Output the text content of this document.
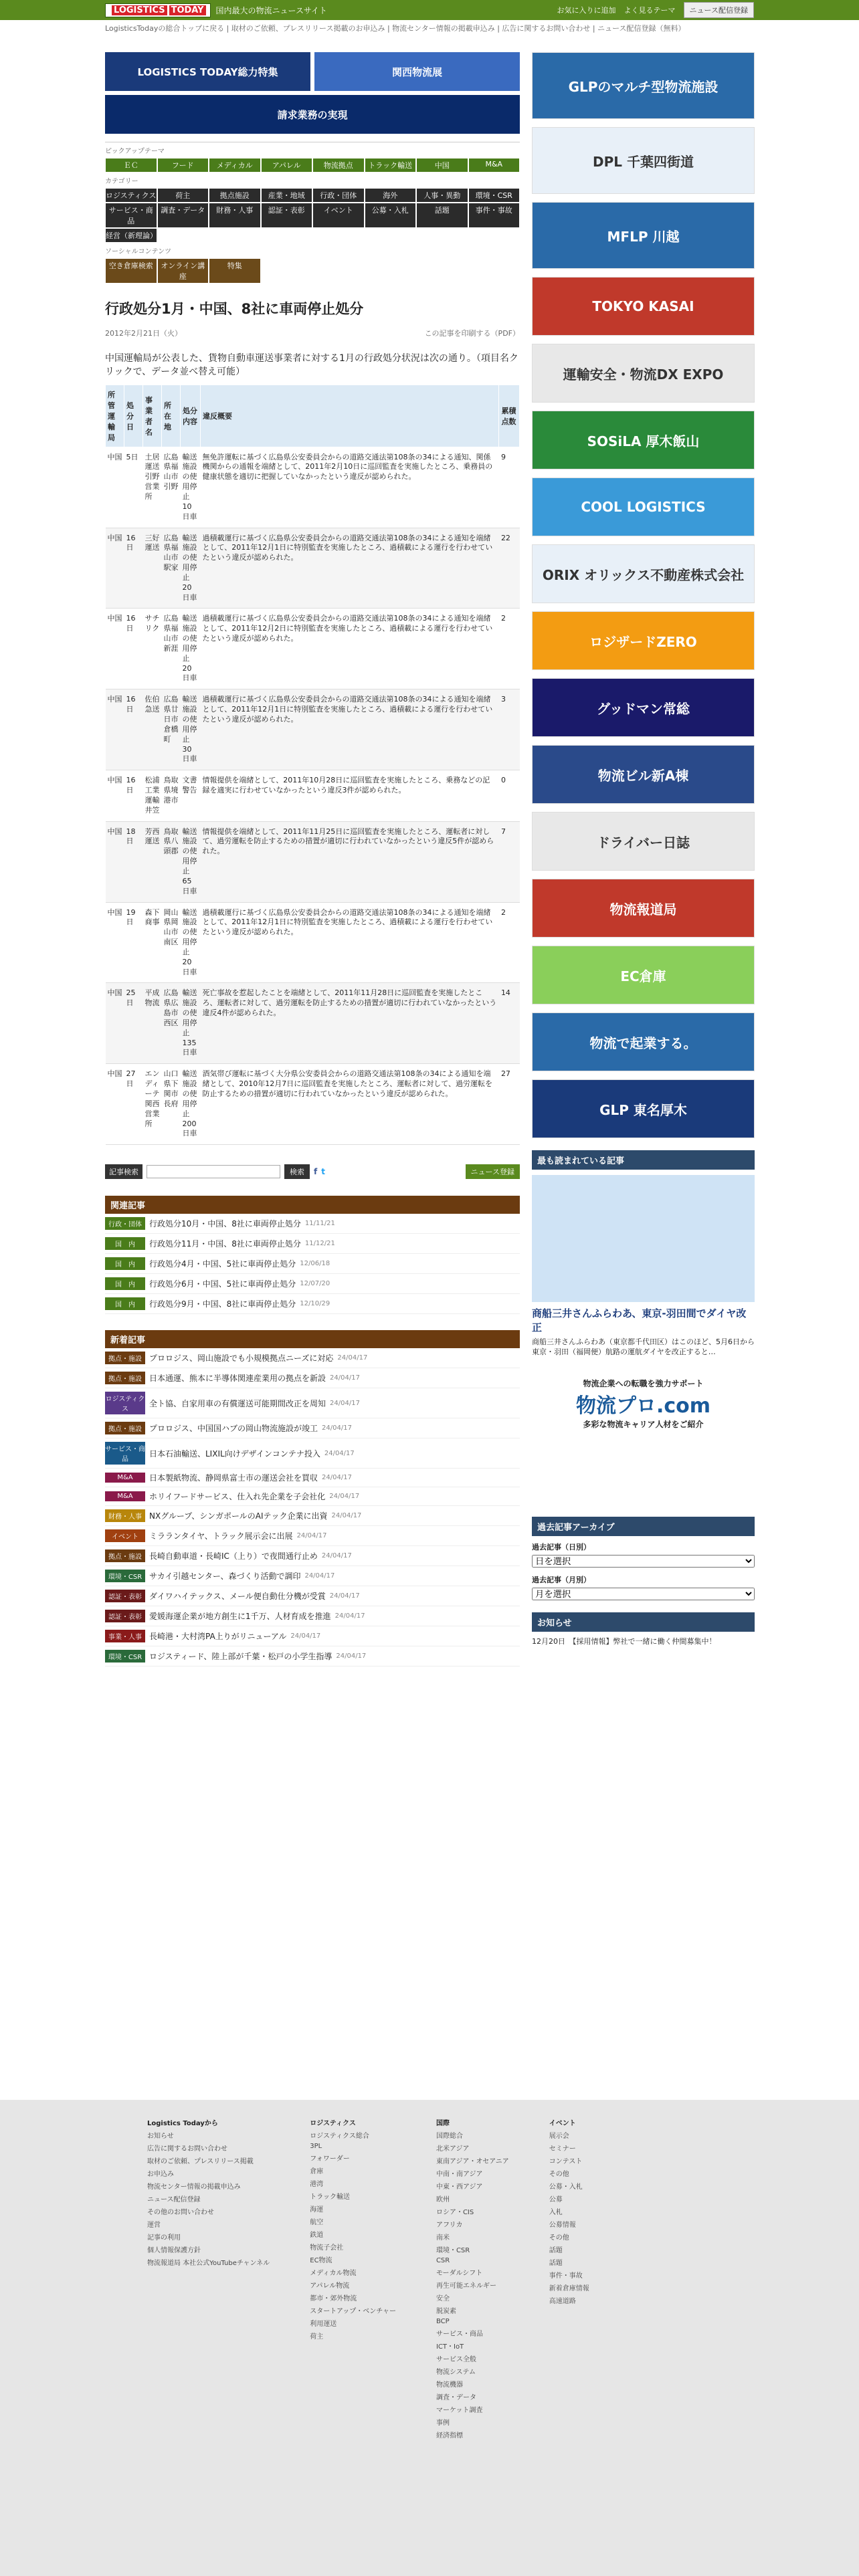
LOGISTICS TODAY	国内最大の物流ニュースサイト	お気に入りに追加 よく見るテーマ	ニュース配信登録
LogisticsTodayの総合トップに戻る | 取材のご依頼、プレスリリース掲載のお申込み | 物流センター情報の掲載申込み | 広告に関するお問い合わせ | ニュース配信登録（無料）
LOGISTICS TODAY総力特集	関西物流展
請求業務の実現
ピックアップテーマ
ＥＣ	フード	メディカル	アパレル	物流拠点	トラック輸送	中国	M&A
カテゴリー
ロジスティクス	荷主	拠点施設	産業・地域	行政・団体	海外	人事・異動	環境・CSR
サービス・商品
調査・データ	財務・人事	認証・表彰	イベント	公募・入札	話題	事件・事故
経営（新理論）
ソーシャルコンテンツ
空き倉庫検索	オンライン講座
特集
行政処分1月・中国、8社に車両停止処分
2012年2月21日（火）	この記事を印刷する（PDF）
中国運輸局が公表した、貨物自動車運送事業者に対する1月の行政処分状況は次の通り。（項目名クリックで、データ並べ替え可能）
所管運輸局	処分日	事業者名	所在地	処分内容	違反概要	累積点数
中国	5日	土居運送引野営業所	広島県福山市引野	輸送施設の使用停止10日車	無免許運転に基づく広島県公安委員会からの道路交通法第108条の34による通知、関係機関からの通報を端緒として、2011年2月10日に巡回監査を実施したところ、乗務員の健康状態を適切に把握していなかったという違反が認められた。	9
中国	16日	三好運送	広島県福山市駅家	輸送施設の使用停止20日車	過積載運行に基づく広島県公安委員会からの道路交通法第108条の34による通知を端緒として、2011年12月1日に特別監査を実施したところ、過積載による運行を行わせていたという違反が認められた。	22
中国	16日	サチリク	広島県福山市新涯	輸送施設の使用停止20日車	過積載運行に基づく広島県公安委員会からの道路交通法第108条の34による通知を端緒として、2011年12月2日に特別監査を実施したところ、過積載による運行を行わせていたという違反が認められた。	2
中国	16日	佐伯急送	広島県廿日市倉橋町	輸送施設の使用停止30日車	過積載運行に基づく広島県公安委員会からの道路交通法第108条の34による通知を端緒として、2011年12月1日に特別監査を実施したところ、過積載による運行を行わせていたという違反が認められた。	3
中国	16日	松浦工業運輸井笠	鳥取県境港市	文書警告	情報提供を端緒として、2011年10月28日に巡回監査を実施したところ、乗務などの記録を適実に行わせていなかったという違反3件が認められた。	0
中国	18日	芳西運送	鳥取県八頭郡	輸送施設の使用停止65日車	情報提供を端緒として、2011年11月25日に巡回監査を実施したところ、運転者に対して、過労運転を防止するための措置が適切に行われていなかったという違反5件が認められた。	7
中国	19日	森下商事	岡山県岡山市南区	輸送施設の使用停止20日車	過積載運行に基づく広島県公安委員会からの道路交通法第108条の34による通知を端緒として、2011年12月1日に特別監査を実施したところ、過積載による運行を行わせていたという違反が認められた。	2
中国	25日	平成物流	広島県広島市西区	輸送施設の使用停止135日車	死亡事故を惹起したことを端緒として、2011年11月28日に巡回監査を実施したところ、運転者に対して、過労運転を防止するための措置が適切に行われていなかったという違反4件が認められた。	14
中国	27日	エンディーテ関西営業所	山口県下関市長府	輸送施設の使用停止200日車	酒気帯び運転に基づく大分県公安委員会からの道路交通法第108条の34による通知を端緒として、2010年12月7日に巡回監査を実施したところ、運転者に対して、過労運転を防止するための措置が適切に行われていなかったという違反が認められた。	27
記事検索	検索	f t	ニュース登録
関連記事
行政・団体 行政処分10月・中国、8社に車両停止処分 11/11/21
国　内	行政処分11月・中国、8社に車両停止処分 11/12/21
国　内	行政処分4月・中国、5社に車両停止処分 12/06/18
国　内	行政処分6月・中国、5社に車両停止処分 12/07/20
国　内	行政処分9月・中国、8社に車両停止処分 12/10/29
新着記事
拠点・施設 プロロジス、岡山施設でも小規模拠点ニーズに対応 24/04/17
拠点・施設 日本通運、熊本に半導体関連産業用の拠点を新設 24/04/17
ロジスティクス
全ト協、自家用車の有償運送可能期間改正を周知 24/04/17
拠点・施設 プロロジス、中国国ハブの岡山物流施設が竣工 24/04/17
サービス・商品
日本石油輸送、LIXIL向けデザインコンテナ投入 24/04/17
M&A	日本製紙物流、静岡県富士市の運送会社を買収 24/04/17
M&A	ホリイフードサービス、仕入れ先企業を子会社化 24/04/17
財務・人事 NXグループ、シンガポールのAIテック企業に出資 24/04/17
イベント	ミラランタイヤ、トラック展示会に出展 24/04/17
拠点・施設 長崎自動車道・長崎IC（上り）で夜間通行止め 24/04/17
環境・CSR サカイ引越センター、森づくり活動で調印 24/04/17
認証・表彰 ダイワハイテックス、メール便自動仕分機が受賞 24/04/17
認証・表彰 愛媛海運企業が地方創生に1千万、人材育成を推進 24/04/17
事業・人事 長崎港・大村湾PA上りがリニューアル 24/04/17
環境・CSR ロジスティード、陸上部が千葉・松戸の小学生指導 24/04/17
GLPのマルチ型物流施設
DPL 千葉四街道
MFLP 川越
TOKYO KASAI
運輸安全・物流DX EXPO
SOSiLA 厚木飯山
COOL LOGISTICS
ORIX オリックス不動産株式会社
ロジザードZERO
グッドマン常総
物流ビル新A棟
ドライバー日誌
物流報道局
EC倉庫
物流で起業する。
GLP 東名厚木
最も読まれている記事
商船三井さんふらわあ、東京-羽田間でダイヤ改正
商船三井さんふらわあ（東京都千代田区）はこのほど、5月6日から東京・羽田（福岡便）航路の運航ダイヤを改正すると…
物流企業への転職を強力サポート
物流プロ.com
多彩な物流キャリア人材をご紹介
過去記事アーカイブ
過去記事（日別）
日を選択
過去記事（月別）
月を選択
お知らせ
12月20日　【採用情報】弊社で一緒に働く仲間募集中！
Logistics Todayから
お知らせ
広告に関するお問い合わせ
取材のご依頼、プレスリリース掲載
お申込み
物流センター情報の掲載申込み
ニュース配信登録
その他のお問い合わせ
運営
記事の利用
個人情報保護方針
物流報道局 本社公式YouTubeチャンネル
ロジスティクス
ロジスティクス総合
3PL
フォワーダー
倉庫
港湾
トラック輸送
海運
航空
鉄道
物流子会社
EC物流
メディカル物流
アパレル物流
都市・郊外物流
スタートアップ・ベンチャー
利用運送
荷主
国際
国際総合
北米アジア
東南アジア・オセアニア
中南・南アジア
中東・西アジア
欧州
ロシア・CIS
アフリカ
南米
環境・CSR
CSR
モーダルシフト
再生可能エネルギー
安全
脱炭素
BCP
サービス・商品
ICT・IoT
サービス全般
物流システム
物流機器
調査・データ
マーケット調査
事例
経済指標
イベント
展示会
セミナー
コンテスト
その他
公募・入札
公募
入札
公募情報
その他
話題
話題
事件・事故
新着倉庫情報
高速道路
